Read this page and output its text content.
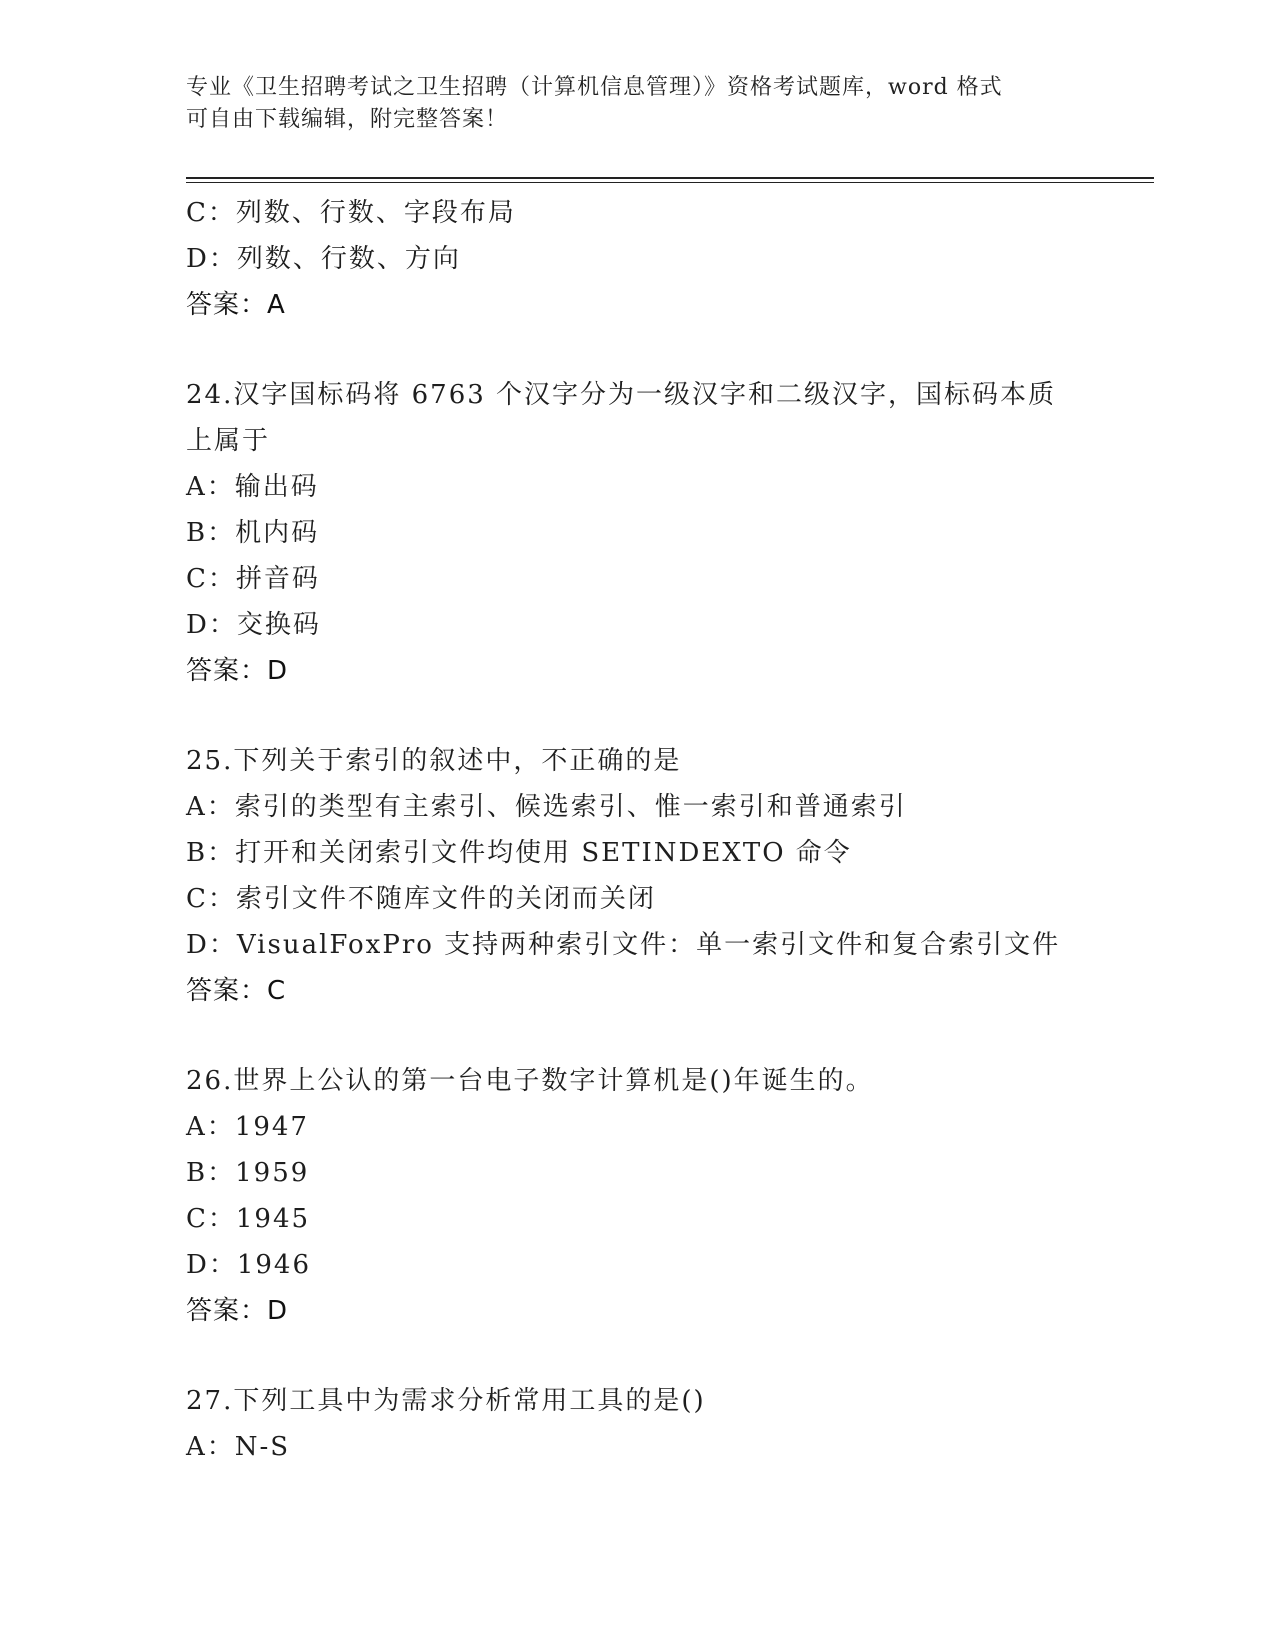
专业《卫生招聘考试之卫生招聘（计算机信息管理）》资格考试题库，word 格式
可自由下载编辑，附完整答案！
C：列数、行数、字段布局
D：列数、行数、方向
答案：A
24.汉字国标码将 6763 个汉字分为一级汉字和二级汉字，国标码本质
上属于
A：输出码
B：机内码
C：拼音码
D：交换码
答案：D
25.下列关于索引的叙述中，不正确的是
A：索引的类型有主索引、候选索引、惟一索引和普通索引
B：打开和关闭索引文件均使用 SETINDEXTO 命令
C：索引文件不随库文件的关闭而关闭
D：VisualFoxPro 支持两种索引文件：单一索引文件和复合索引文件
答案：C
26.世界上公认的第一台电子数字计算机是()年诞生的。
A：1947
B：1959
C：1945
D：1946
答案：D
27.下列工具中为需求分析常用工具的是()
A：N-S
